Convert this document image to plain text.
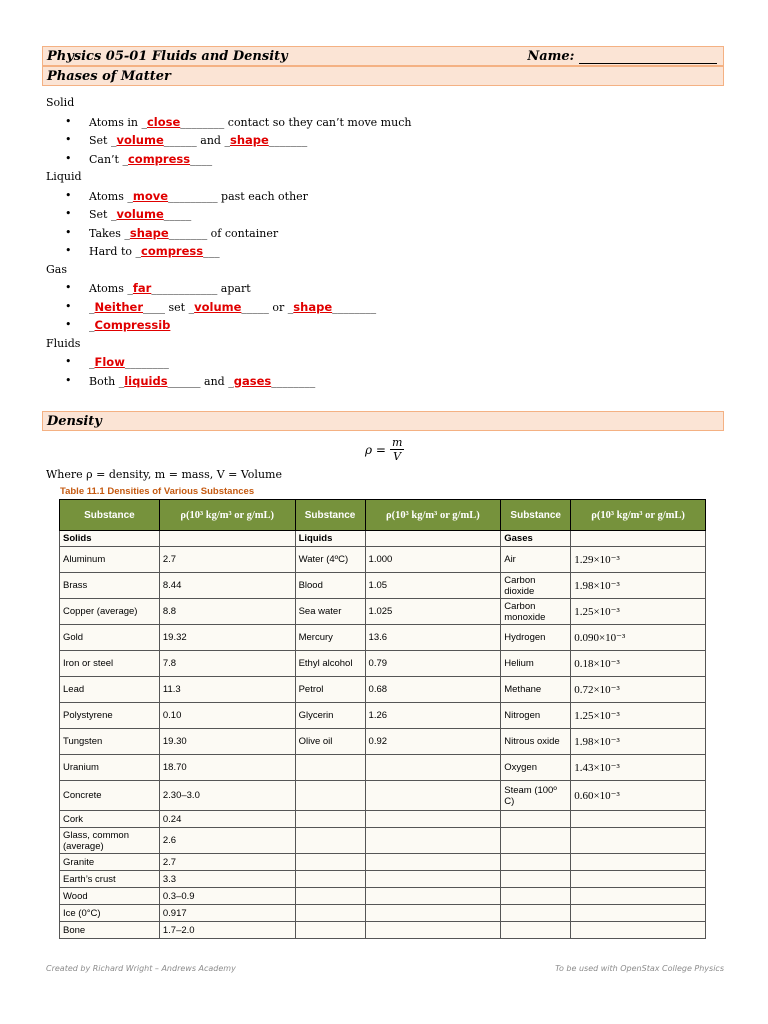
Physics 05-01 Fluids and Density	Name:
Phases of Matter
Solid
• Atoms in _close________ contact so they can’t move much
• Set _volume______ and _shape_______
• Can’t _compress____
Liquid
• Atoms _move_________ past each other
• Set _volume_____
• Takes _shape_______ of container
• Hard to _compress___
Gas
• Atoms _far____________ apart
• _Neither____ set _volume_____ or _shape________
• _Compressib
Fluids
• _Flow________
• Both _liquids______ and _gases________
Density
$\rho = \frac{m}{V}$
Where ρ = density, m = mass, V = Volume
Table 11.1 Densities of Various Substances
Substance	ρ(10³ kg/m³ or g/mL)	Substance	ρ(10³ kg/m³ or g/mL)	Substance	ρ(10³ kg/m³ or g/mL)
Solids		Liquids		Gases	
Aluminum	2.7	Water (4ºC)	1.000	Air	1.29×10⁻³
Brass	8.44	Blood	1.05	Carbon dioxide	1.98×10⁻³
Copper (average)	8.8	Sea water	1.025	Carbon monoxide	1.25×10⁻³
Gold	19.32	Mercury	13.6	Hydrogen	0.090×10⁻³
Iron or steel	7.8	Ethyl alcohol	0.79	Helium	0.18×10⁻³
Lead	11.3	Petrol	0.68	Methane	0.72×10⁻³
Polystyrene	0.10	Glycerin	1.26	Nitrogen	1.25×10⁻³
Tungsten	19.30	Olive oil	0.92	Nitrous oxide	1.98×10⁻³
Uranium	18.70			Oxygen	1.43×10⁻³
Concrete	2.30–3.0			Steam (100º C)	0.60×10⁻³
Cork	0.24				
Glass, common (average)	2.6				
Granite	2.7				
Earth’s crust	3.3				
Wood	0.3–0.9				
Ice (0°C)	0.917				
Bone	1.7–2.0				
Created by Richard Wright – Andrews Academy	To be used with OpenStax College Physics
